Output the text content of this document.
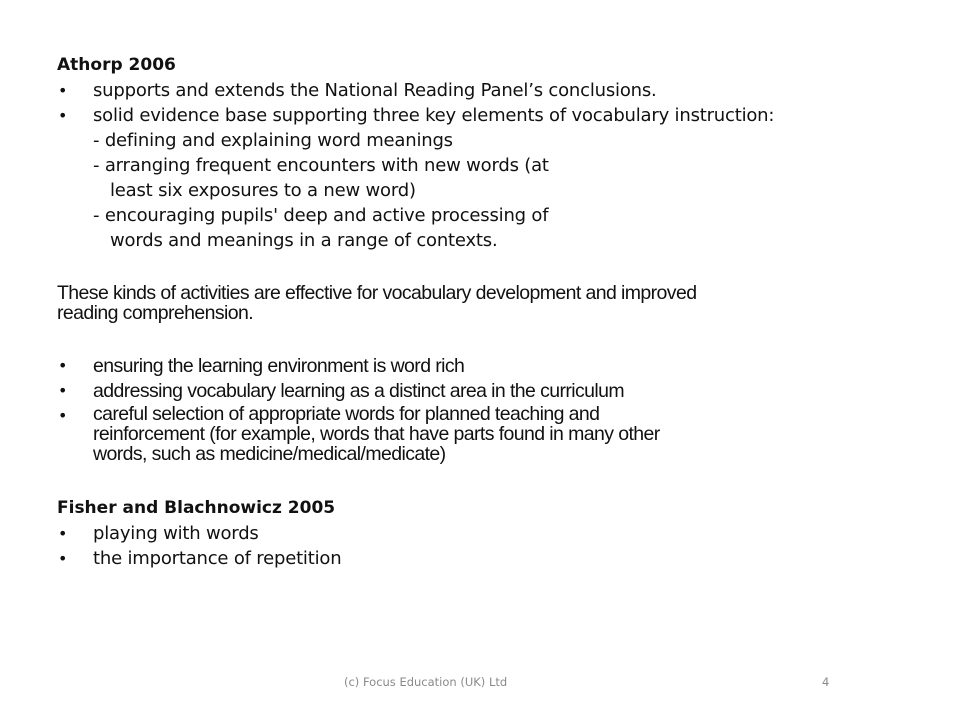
Athorp 2006
• supports and extends the National Reading Panel’s conclusions.
• solid evidence base supporting three key elements of vocabulary instruction:
- defining and explaining word meanings
- arranging frequent encounters with new words (at
least six exposures to a new word)
- encouraging pupils' deep and active processing of
words and meanings in a range of contexts.
These kinds of activities are effective for vocabulary development and improved
reading comprehension.
• ensuring the learning environment is word rich
• addressing vocabulary learning as a distinct area in the curriculum
• careful selection of appropriate words for planned teaching and
reinforcement (for example, words that have parts found in many other
words, such as medicine/medical/medicate)
Fisher and Blachnowicz 2005
• playing with words
• the importance of repetition
(c) Focus Education (UK) Ltd	4
